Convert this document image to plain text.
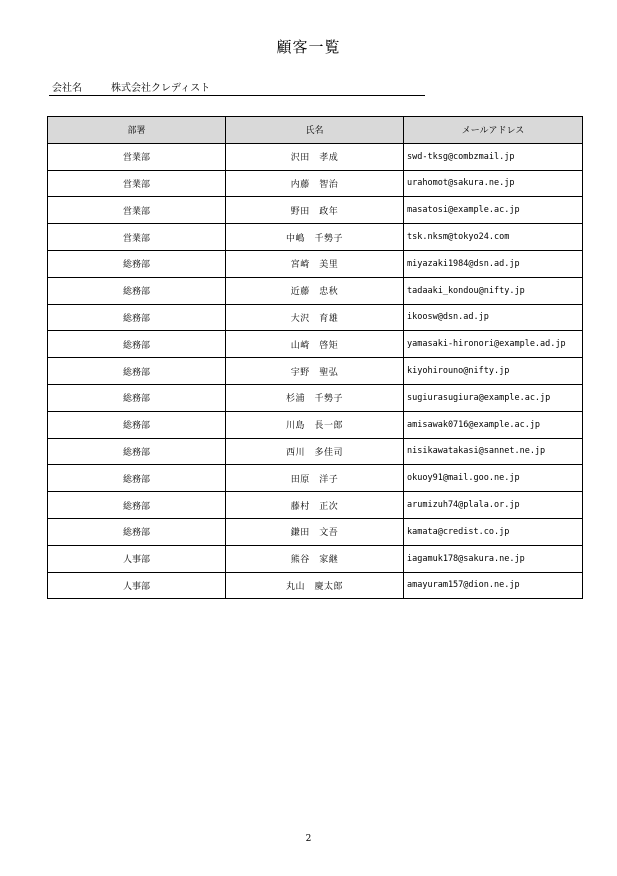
顧客一覧
会社名	株式会社クレディスト
部署	氏名	メールアドレス
営業部	沢田　孝成	swd-tksg@combzmail.jp
営業部	内藤　智治	urahomot@sakura.ne.jp
営業部	野田　政年	masatosi@example.ac.jp
営業部	中嶋　千勢子	tsk.nksm@tokyo24.com
総務部	宮崎　美里	miyazaki1984@dsn.ad.jp
総務部	近藤　忠秋	tadaaki_kondou@nifty.jp
総務部	大沢　育雄	ikoosw@dsn.ad.jp
総務部	山崎　啓矩	yamasaki-hironori@example.ad.jp
総務部	宇野　聖弘	kiyohirouno@nifty.jp
総務部	杉浦　千勢子	sugiurasugiura@example.ac.jp
総務部	川島　長一郎	amisawak0716@example.ac.jp
総務部	西川　多佳司	nisikawatakasi@sannet.ne.jp
総務部	田原　洋子	okuoy91@mail.goo.ne.jp
総務部	藤村　正次	arumizuh74@plala.or.jp
総務部	鎌田　文吾	kamata@credist.co.jp
人事部	熊谷　家継	iagamuk178@sakura.ne.jp
人事部	丸山　慶太郎	amayuram157@dion.ne.jp
2
